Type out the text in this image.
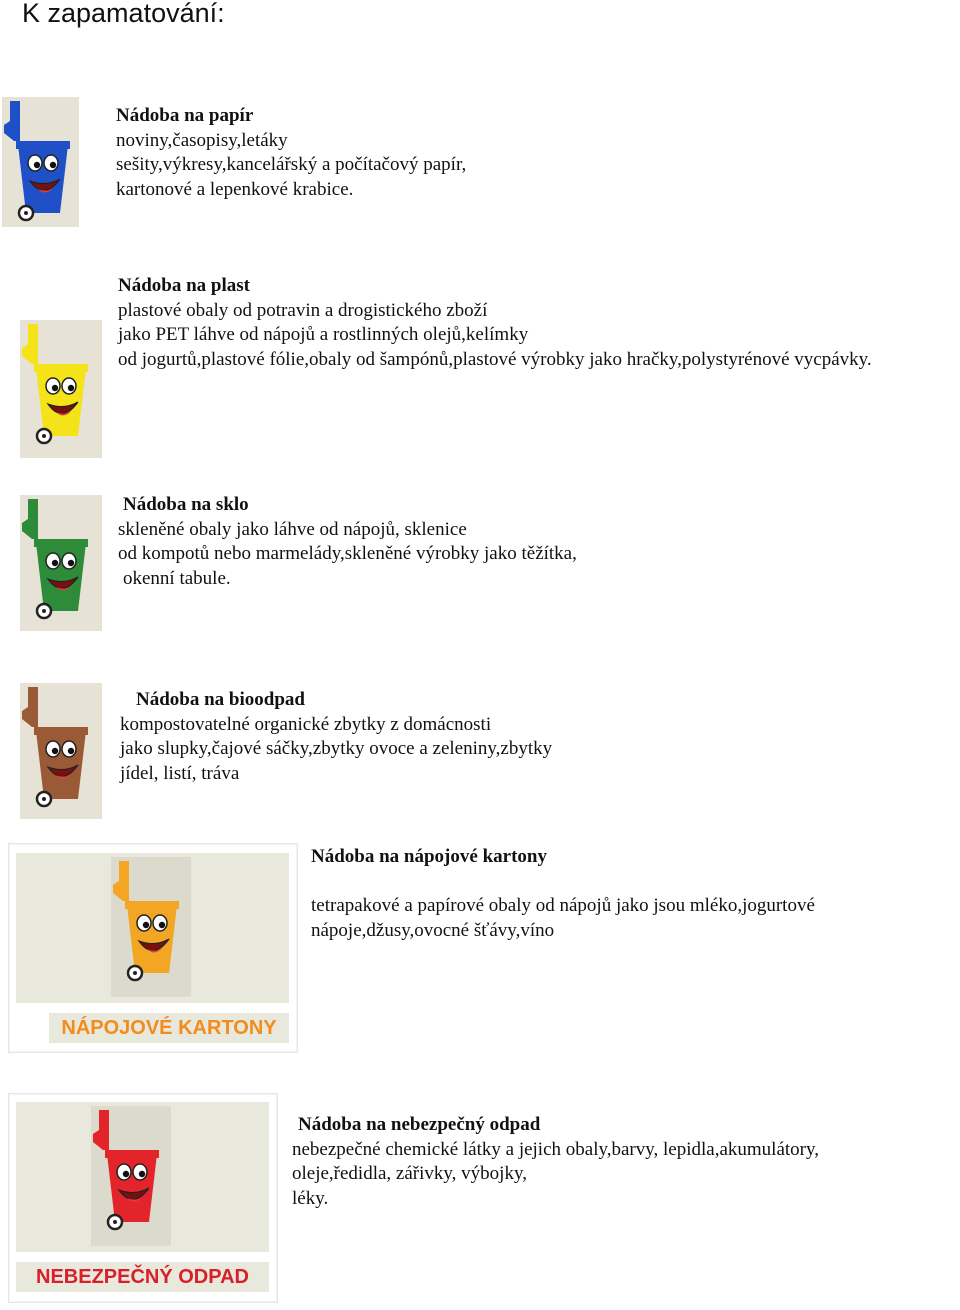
K zapamatování:
Nádoba na papír
noviny,časopisy,letáky
sešity,výkresy,kancelářský a počítačový papír,
kartonové a lepenkové krabice.
Nádoba na plast
plastové obaly od potravin a drogistického zboží
jako PET láhve od nápojů a rostlinných olejů,kelímky
od jogurtů,plastové fólie,obaly od šampónů,plastové výrobky jako hračky,polystyrénové vycpávky.
Nádoba na sklo
skleněné obaly jako láhve od nápojů, sklenice
od kompotů nebo marmelády,skleněné výrobky jako těžítka,
okenní tabule.
Nádoba na bioodpad
kompostovatelné organické zbytky z domácnosti
jako slupky,čajové sáčky,zbytky ovoce a zeleniny,zbytky
jídel, listí, tráva
NÁPOJOVÉ KARTONY
Nádoba na nápojové kartony
tetrapakové a papírové obaly od nápojů jako jsou mléko,jogurtové
nápoje,džusy,ovocné šťávy,víno
NEBEZPEČNÝ ODPAD
Nádoba na nebezpečný odpad
nebezpečné chemické látky a jejich obaly,barvy, lepidla,akumulátory,
oleje,ředidla, zářivky, výbojky,
léky.
